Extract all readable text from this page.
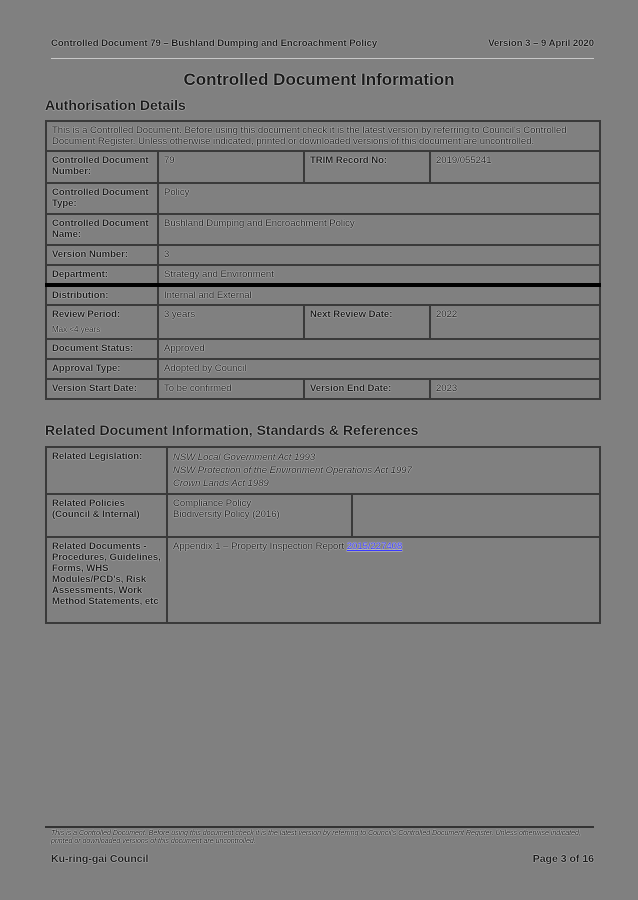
Controlled Document 79 – Bushland Dumping and Encroachment Policy	Version 3 – 9 April 2020
Controlled Document Information
Authorisation Details
This is a Controlled Document. Before using this document check it is the latest version by referring to Council's Controlled Document Register. Unless otherwise indicated, printed or downloaded versions of this document are uncontrolled.			
Controlled Document Number:	79	TRIM Record No:	2019/055241
Controlled Document Type:	Policy		
Controlled Document Name:	Bushland Dumping and Encroachment Policy		
Version Number:	3		
Department:	Strategy and Environment		
Distribution:	Internal and External		
Review Period:
Max <4 years	3 years	Next Review Date:	2022
Document Status:	Approved		
Approval Type:	Adopted by Council		
Version Start Date:	To be confirmed	Version End Date:	2023
Related Document Information, Standards & References
Related Legislation:	NSW Local Government Act 1993
NSW Protection of the Environment Operations Act 1997
Crown Lands Act 1989	

Related Policies (Council & Internal)	Compliance Policy
Biodiversity Policy (2016)	

Related Documents - Procedures, Guidelines, Forms, WHS Modules/PCD's, Risk Assessments, Work Method Statements, etc	Appendix 1 – Property Inspection Report 2015/227408	
This is a Controlled Document. Before using this document check it is the latest version by referring to Council's Controlled Document Register. Unless otherwise indicated, printed or downloaded versions of this document are uncontrolled.
Ku-ring-gai Council	Page 3 of 16
